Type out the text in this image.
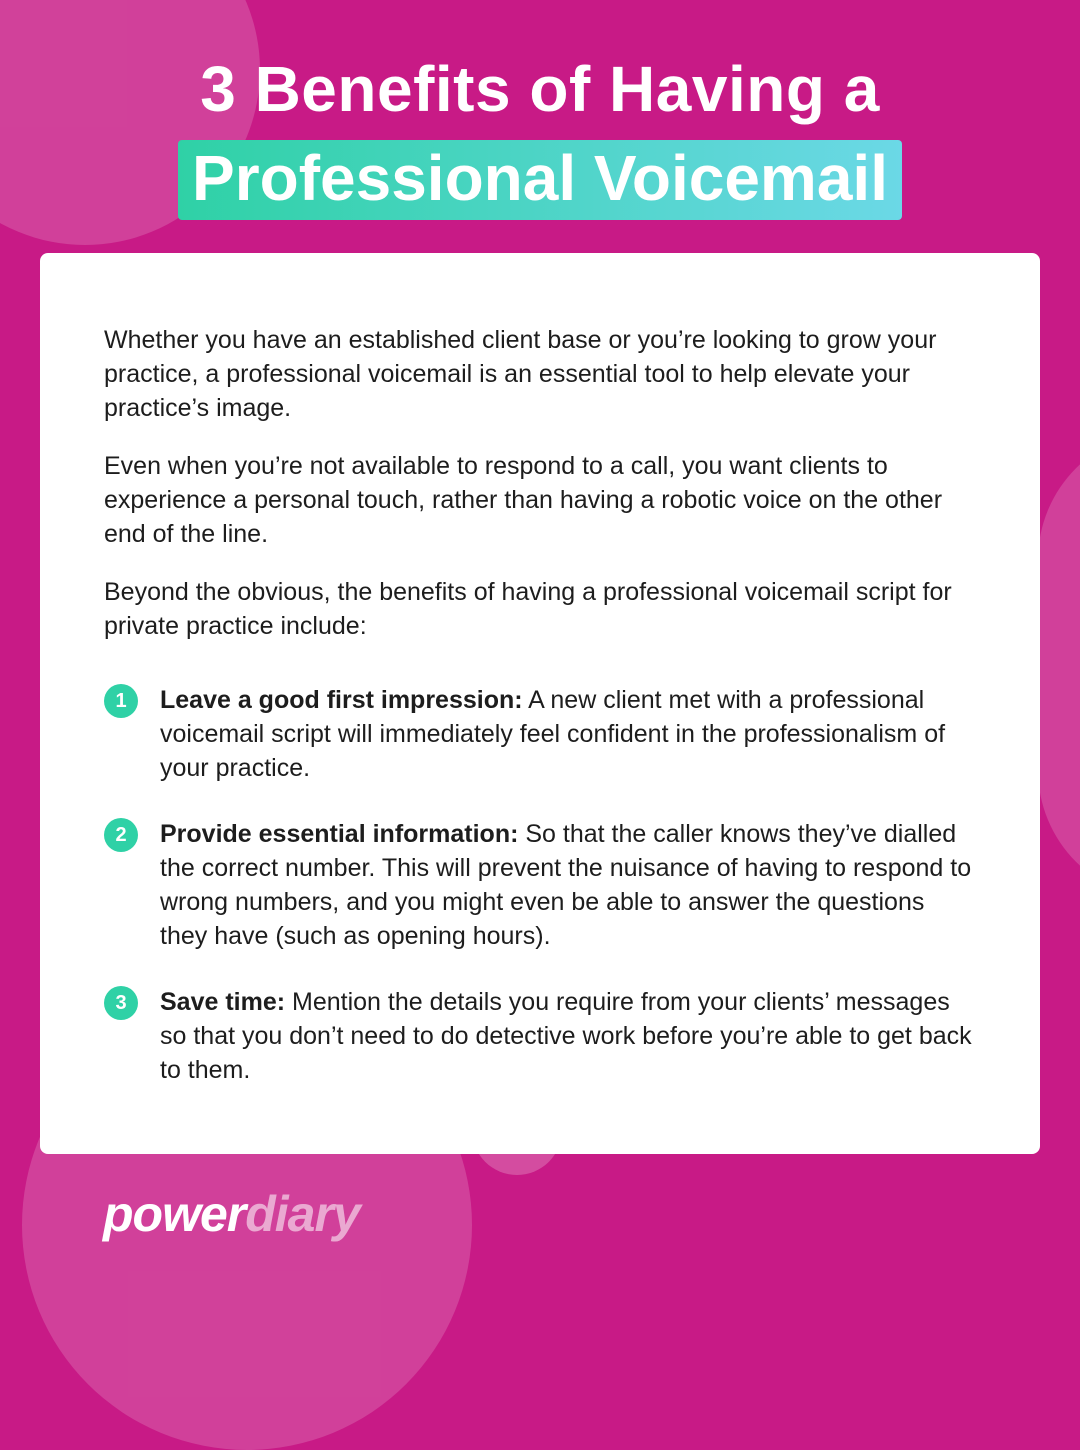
3 Benefits of Having a
Professional Voicemail

Whether you have an established client base or you’re looking to grow your practice, a professional voicemail is an essential tool to help elevate your practice’s image.

Even when you’re not available to respond to a call, you want clients to experience a personal touch, rather than having a robotic voice on the other end of the line.

Beyond the obvious, the benefits of having a professional voicemail script for private practice include:

1	Leave a good first impression: A new client met with a professional voicemail script will immediately feel confident in the professionalism of your practice.
2	Provide essential information: So that the caller knows they’ve dialled the correct number. This will prevent the nuisance of having to respond to wrong numbers, and you might even be able to answer the questions they have (such as opening hours).
3	Save time: Mention the details you require from your clients’ messages so that you don’t need to do detective work before you’re able to get back to them.
powerdiary
